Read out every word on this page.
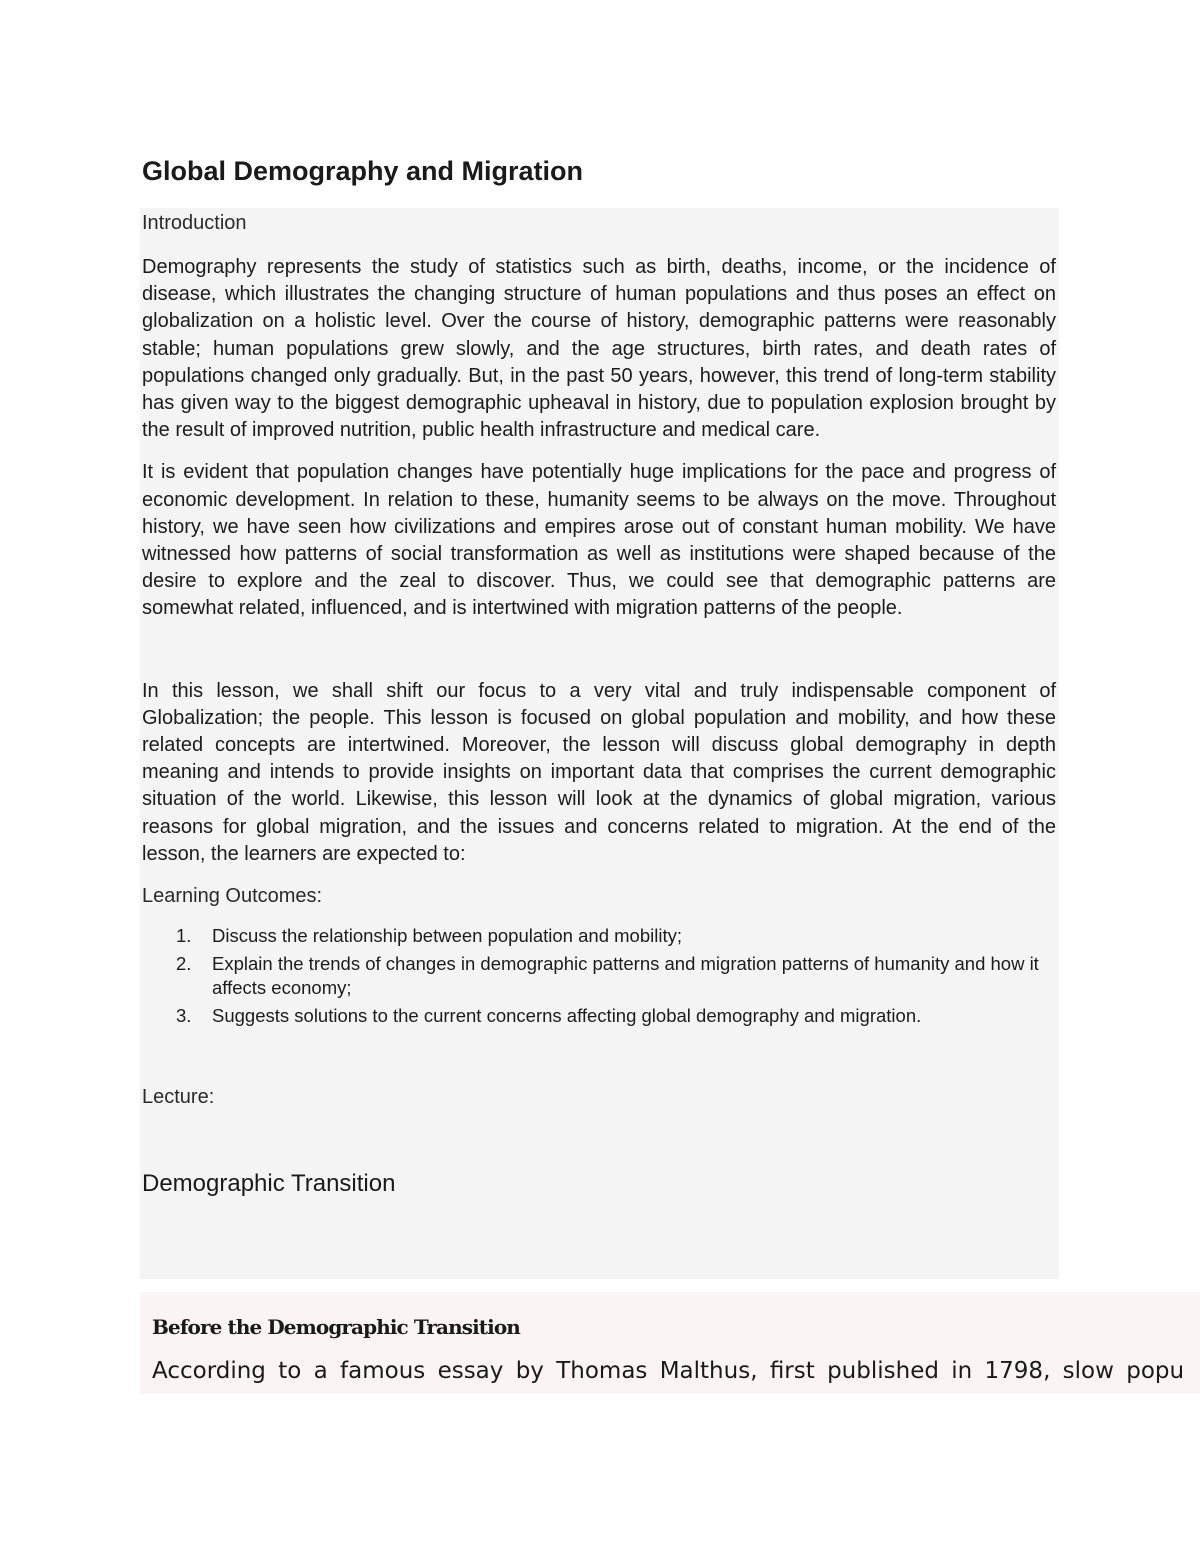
Global Demography and Migration

Introduction

Demography represents the study of statistics such as birth, deaths, income, or the incidence of disease, which illustrates the changing structure of human populations and thus poses an effect on globalization on a holistic level. Over the course of history, demographic patterns were reasonably stable; human populations grew slowly, and the age structures, birth rates, and death rates of populations changed only gradually. But, in the past 50 years, however, this trend of long-term stability has given way to the biggest demographic upheaval in history, due to population explosion brought by the result of improved nutrition, public health infrastructure and medical care.

It is evident that population changes have potentially huge implications for the pace and progress of economic development. In relation to these, humanity seems to be always on the move. Throughout history, we have seen how civilizations and empires arose out of constant human mobility. We have witnessed how patterns of social transformation as well as institutions were shaped because of the desire to explore and the zeal to discover. Thus, we could see that demographic patterns are somewhat related, influenced, and is intertwined with migration patterns of the people.

In this lesson, we shall shift our focus to a very vital and truly indispensable component of Globalization; the people. This lesson is focused on global population and mobility, and how these related concepts are intertwined. Moreover, the lesson will discuss global demography in depth meaning and intends to provide insights on important data that comprises the current demographic situation of the world. Likewise, this lesson will look at the dynamics of global migration, various reasons for global migration, and the issues and concerns related to migration. At the end of the lesson, the learners are expected to:

Learning Outcomes:

Discuss the relationship between population and mobility;
Explain the trends of changes in demographic patterns and migration patterns of humanity and how it affects economy;
Suggests solutions to the current concerns affecting global demography and migration.

Lecture:

Demographic Transition

Before the Demographic Transition

According to a famous essay by Thomas Malthus, first published in 1798, slow popu
